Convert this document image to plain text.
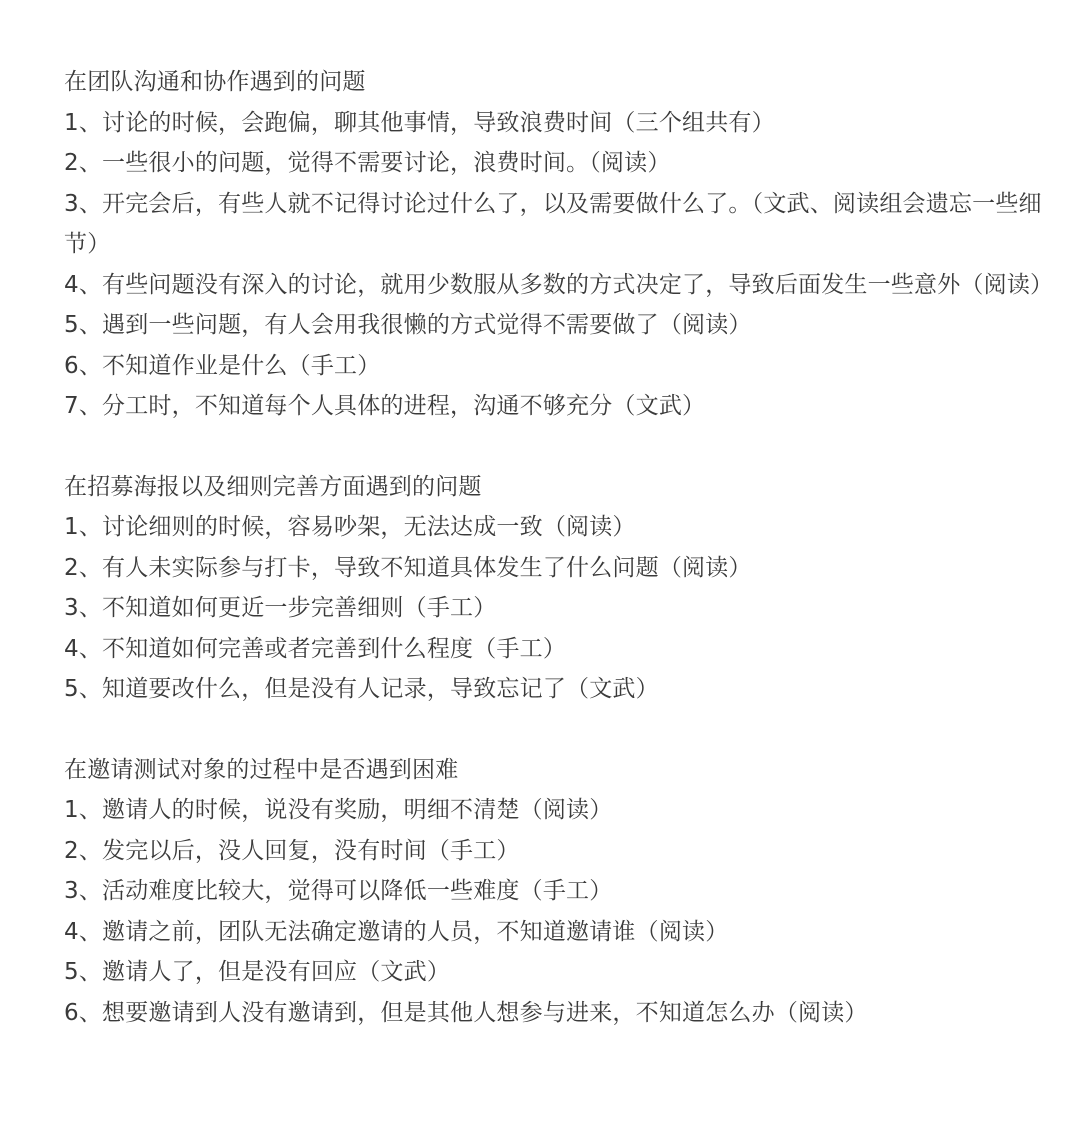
在团队沟通和协作遇到的问题

1、讨论的时候，会跑偏，聊其他事情，导致浪费时间（三个组共有）

2、一些很小的问题，觉得不需要讨论，浪费时间。（阅读）

3、开完会后，有些人就不记得讨论过什么了，以及需要做什么了。（文武、阅读组会遗忘一些细节）

4、有些问题没有深入的讨论，就用少数服从多数的方式决定了，导致后面发生一些意外（阅读）

5、遇到一些问题，有人会用我很懒的方式觉得不需要做了（阅读）

6、不知道作业是什么（手工）

7、分工时，不知道每个人具体的进程，沟通不够充分（文武）

在招募海报以及细则完善方面遇到的问题

1、讨论细则的时候，容易吵架，无法达成一致（阅读）

2、有人未实际参与打卡，导致不知道具体发生了什么问题（阅读）

3、不知道如何更近一步完善细则（手工）

4、不知道如何完善或者完善到什么程度（手工）

5、知道要改什么，但是没有人记录，导致忘记了（文武）

在邀请测试对象的过程中是否遇到困难

1、邀请人的时候，说没有奖励，明细不清楚（阅读）

2、发完以后，没人回复，没有时间（手工）

3、活动难度比较大，觉得可以降低一些难度（手工）

4、邀请之前，团队无法确定邀请的人员，不知道邀请谁（阅读）

5、邀请人了，但是没有回应（文武）

6、想要邀请到人没有邀请到，但是其他人想参与进来，不知道怎么办（阅读）
